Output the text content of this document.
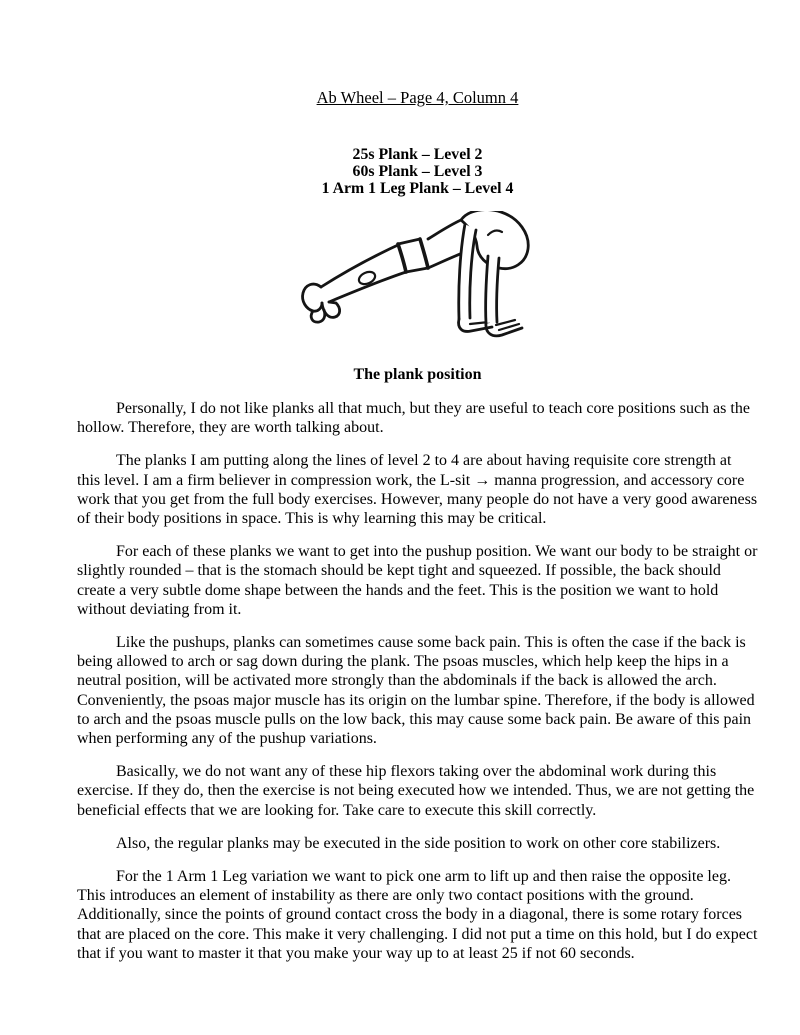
Ab Wheel – Page 4, Column 4

25s Plank – Level 2

60s Plank – Level 3

1 Arm 1 Leg Plank – Level 4

The plank position

Personally, I do not like planks all that much, but they are useful to teach core positions such as the hollow. Therefore, they are worth talking about.

The planks I am putting along the lines of level 2 to 4 are about having requisite core strength at this level. I am a firm believer in compression work, the L-sit → manna progression, and accessory core work that you get from the full body exercises. However, many people do not have a very good awareness of their body positions in space. This is why learning this may be critical.

For each of these planks we want to get into the pushup position. We want our body to be straight or slightly rounded – that is the stomach should be kept tight and squeezed. If possible, the back should create a very subtle dome shape between the hands and the feet. This is the position we want to hold without deviating from it.

Like the pushups, planks can sometimes cause some back pain. This is often the case if the back is being allowed to arch or sag down during the plank. The psoas muscles, which help keep the hips in a neutral position, will be activated more strongly than the abdominals if the back is allowed the arch. Conveniently, the psoas major muscle has its origin on the lumbar spine. Therefore, if the body is allowed to arch and the psoas muscle pulls on the low back, this may cause some back pain. Be aware of this pain when performing any of the pushup variations.

Basically, we do not want any of these hip flexors taking over the abdominal work during this exercise. If they do, then the exercise is not being executed how we intended. Thus, we are not getting the beneficial effects that we are looking for. Take care to execute this skill correctly.

Also, the regular planks may be executed in the side position to work on other core stabilizers.

For the 1 Arm 1 Leg variation we want to pick one arm to lift up and then raise the opposite leg. This introduces an element of instability as there are only two contact positions with the ground. Additionally, since the points of ground contact cross the body in a diagonal, there is some rotary forces that are placed on the core. This make it very challenging. I did not put a time on this hold, but I do expect that if you want to master it that you make your way up to at least 25 if not 60 seconds.
